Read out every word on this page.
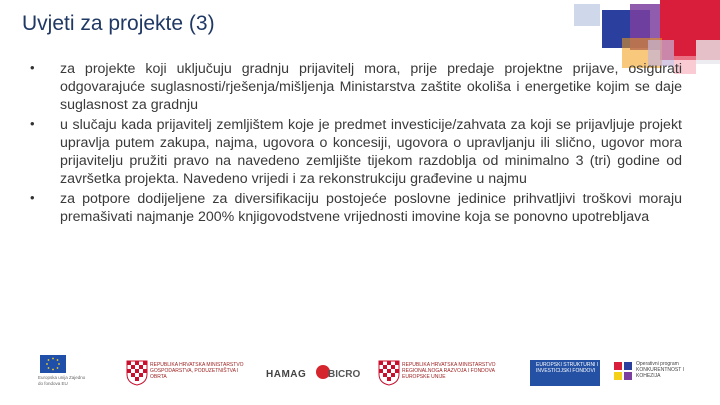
Uvjeti za projekte (3)
• za projekte koji uključuju gradnju prijavitelj mora, prije predaje projektne prijave, osigurati odgovarajuće suglasnosti/rješenja/mišljenja Ministarstva zaštite okoliša i energetike kojim se daje suglasnost za gradnju
• u slučaju kada prijavitelj zemljištem koje je predmet investicije/zahvata za koji se prijavljuje projekt upravlja putem zakupa, najma, ugovora o koncesiji, ugovora o upravljanju ili slično, ugovor mora prijavitelju pružiti pravo na navedeno zemljište tijekom razdoblja od minimalno 3 (tri) godine od završetka projekta. Navedeno vrijedi i za rekonstrukciju građevine u najmu
• za potpore dodijeljene za diversifikaciju postojeće poslovne jedinice prihvatljivi troškovi moraju premašivati najmanje 200% knjigovodstvene vrijednosti imovine koja se ponovno upotrebljava
Europska unija Zajedno do fondova EU
REPUBLIKA HRVATSKA MINISTARSTVO GOSPODARSTVA, PODUZETNIŠTVA I OBRTA	HAMAG BICRO
REPUBLIKA HRVATSKA MINISTARSTVO REGIONALNOGA RAZVOJA I FONDOVA EUROPSKE UNIJE
EUROPSKI STRUKTURNI I INVESTICIJSKI FONDOVI
Operativni program KONKURENTNOST I KOHEZIJA
